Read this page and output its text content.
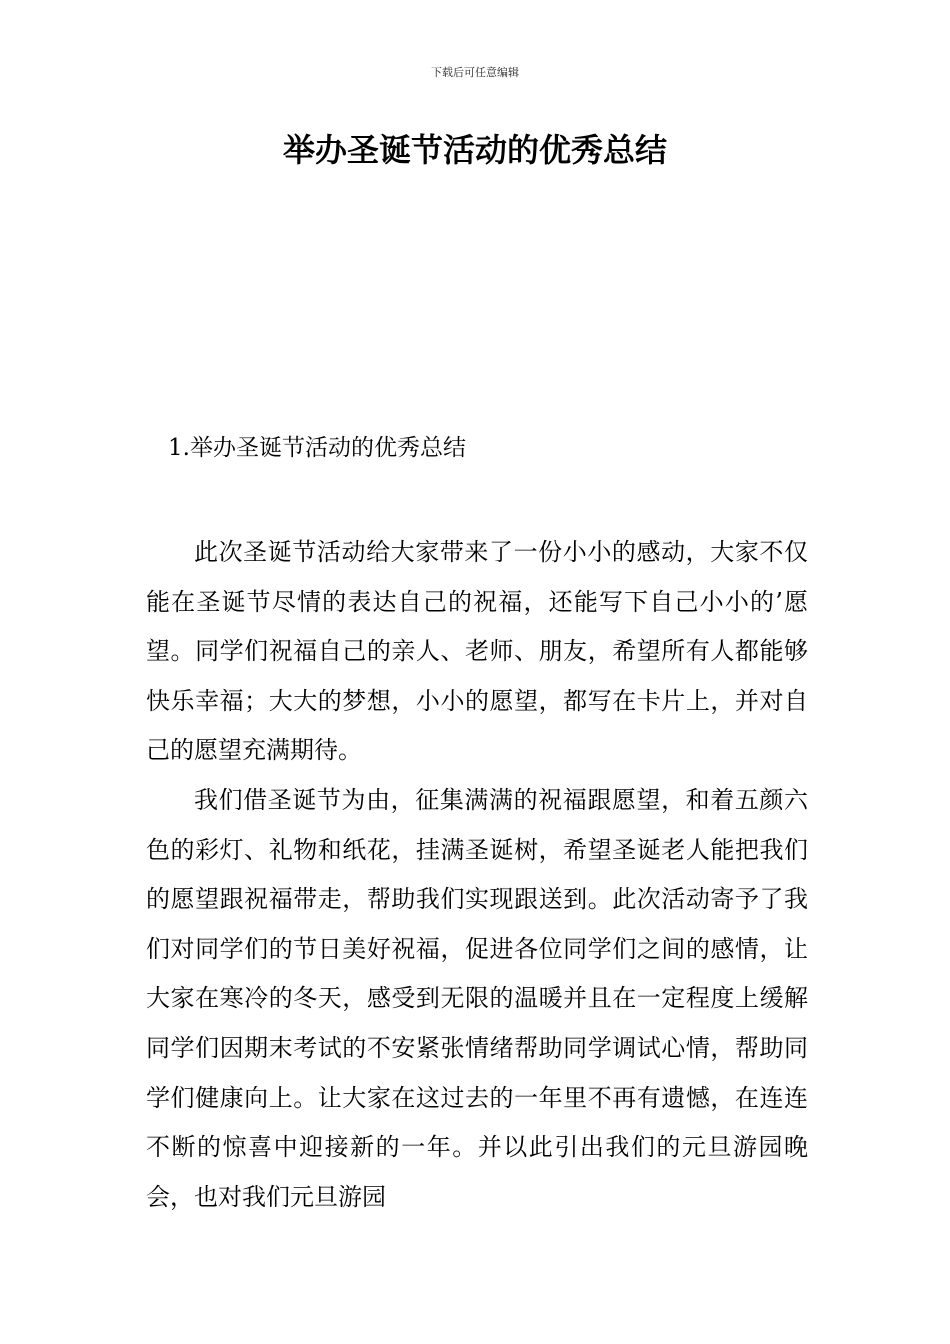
下载后可任意编辑
举办圣诞节活动的优秀总结
1.举办圣诞节活动的优秀总结

此次圣诞节活动给大家带来了一份小小的感动，大家不仅能在圣诞节尽情的表达自己的祝福，还能写下自己小小的’愿望。同学们祝福自己的亲人、老师、朋友，希望所有人都能够快乐幸福；大大的梦想，小小的愿望，都写在卡片上，并对自己的愿望充满期待。

我们借圣诞节为由，征集满满的祝福跟愿望，和着五颜六色的彩灯、礼物和纸花，挂满圣诞树，希望圣诞老人能把我们的愿望跟祝福带走，帮助我们实现跟送到。此次活动寄予了我们对同学们的节日美好祝福，促进各位同学们之间的感情，让大家在寒冷的冬天，感受到无限的温暖并且在一定程度上缓解同学们因期末考试的不安紧张情绪帮助同学调试心情，帮助同学们健康向上。让大家在这过去的一年里不再有遗憾，在连连不断的惊喜中迎接新的一年。并以此引出我们的元旦游园晚会，也对我们元旦游园
